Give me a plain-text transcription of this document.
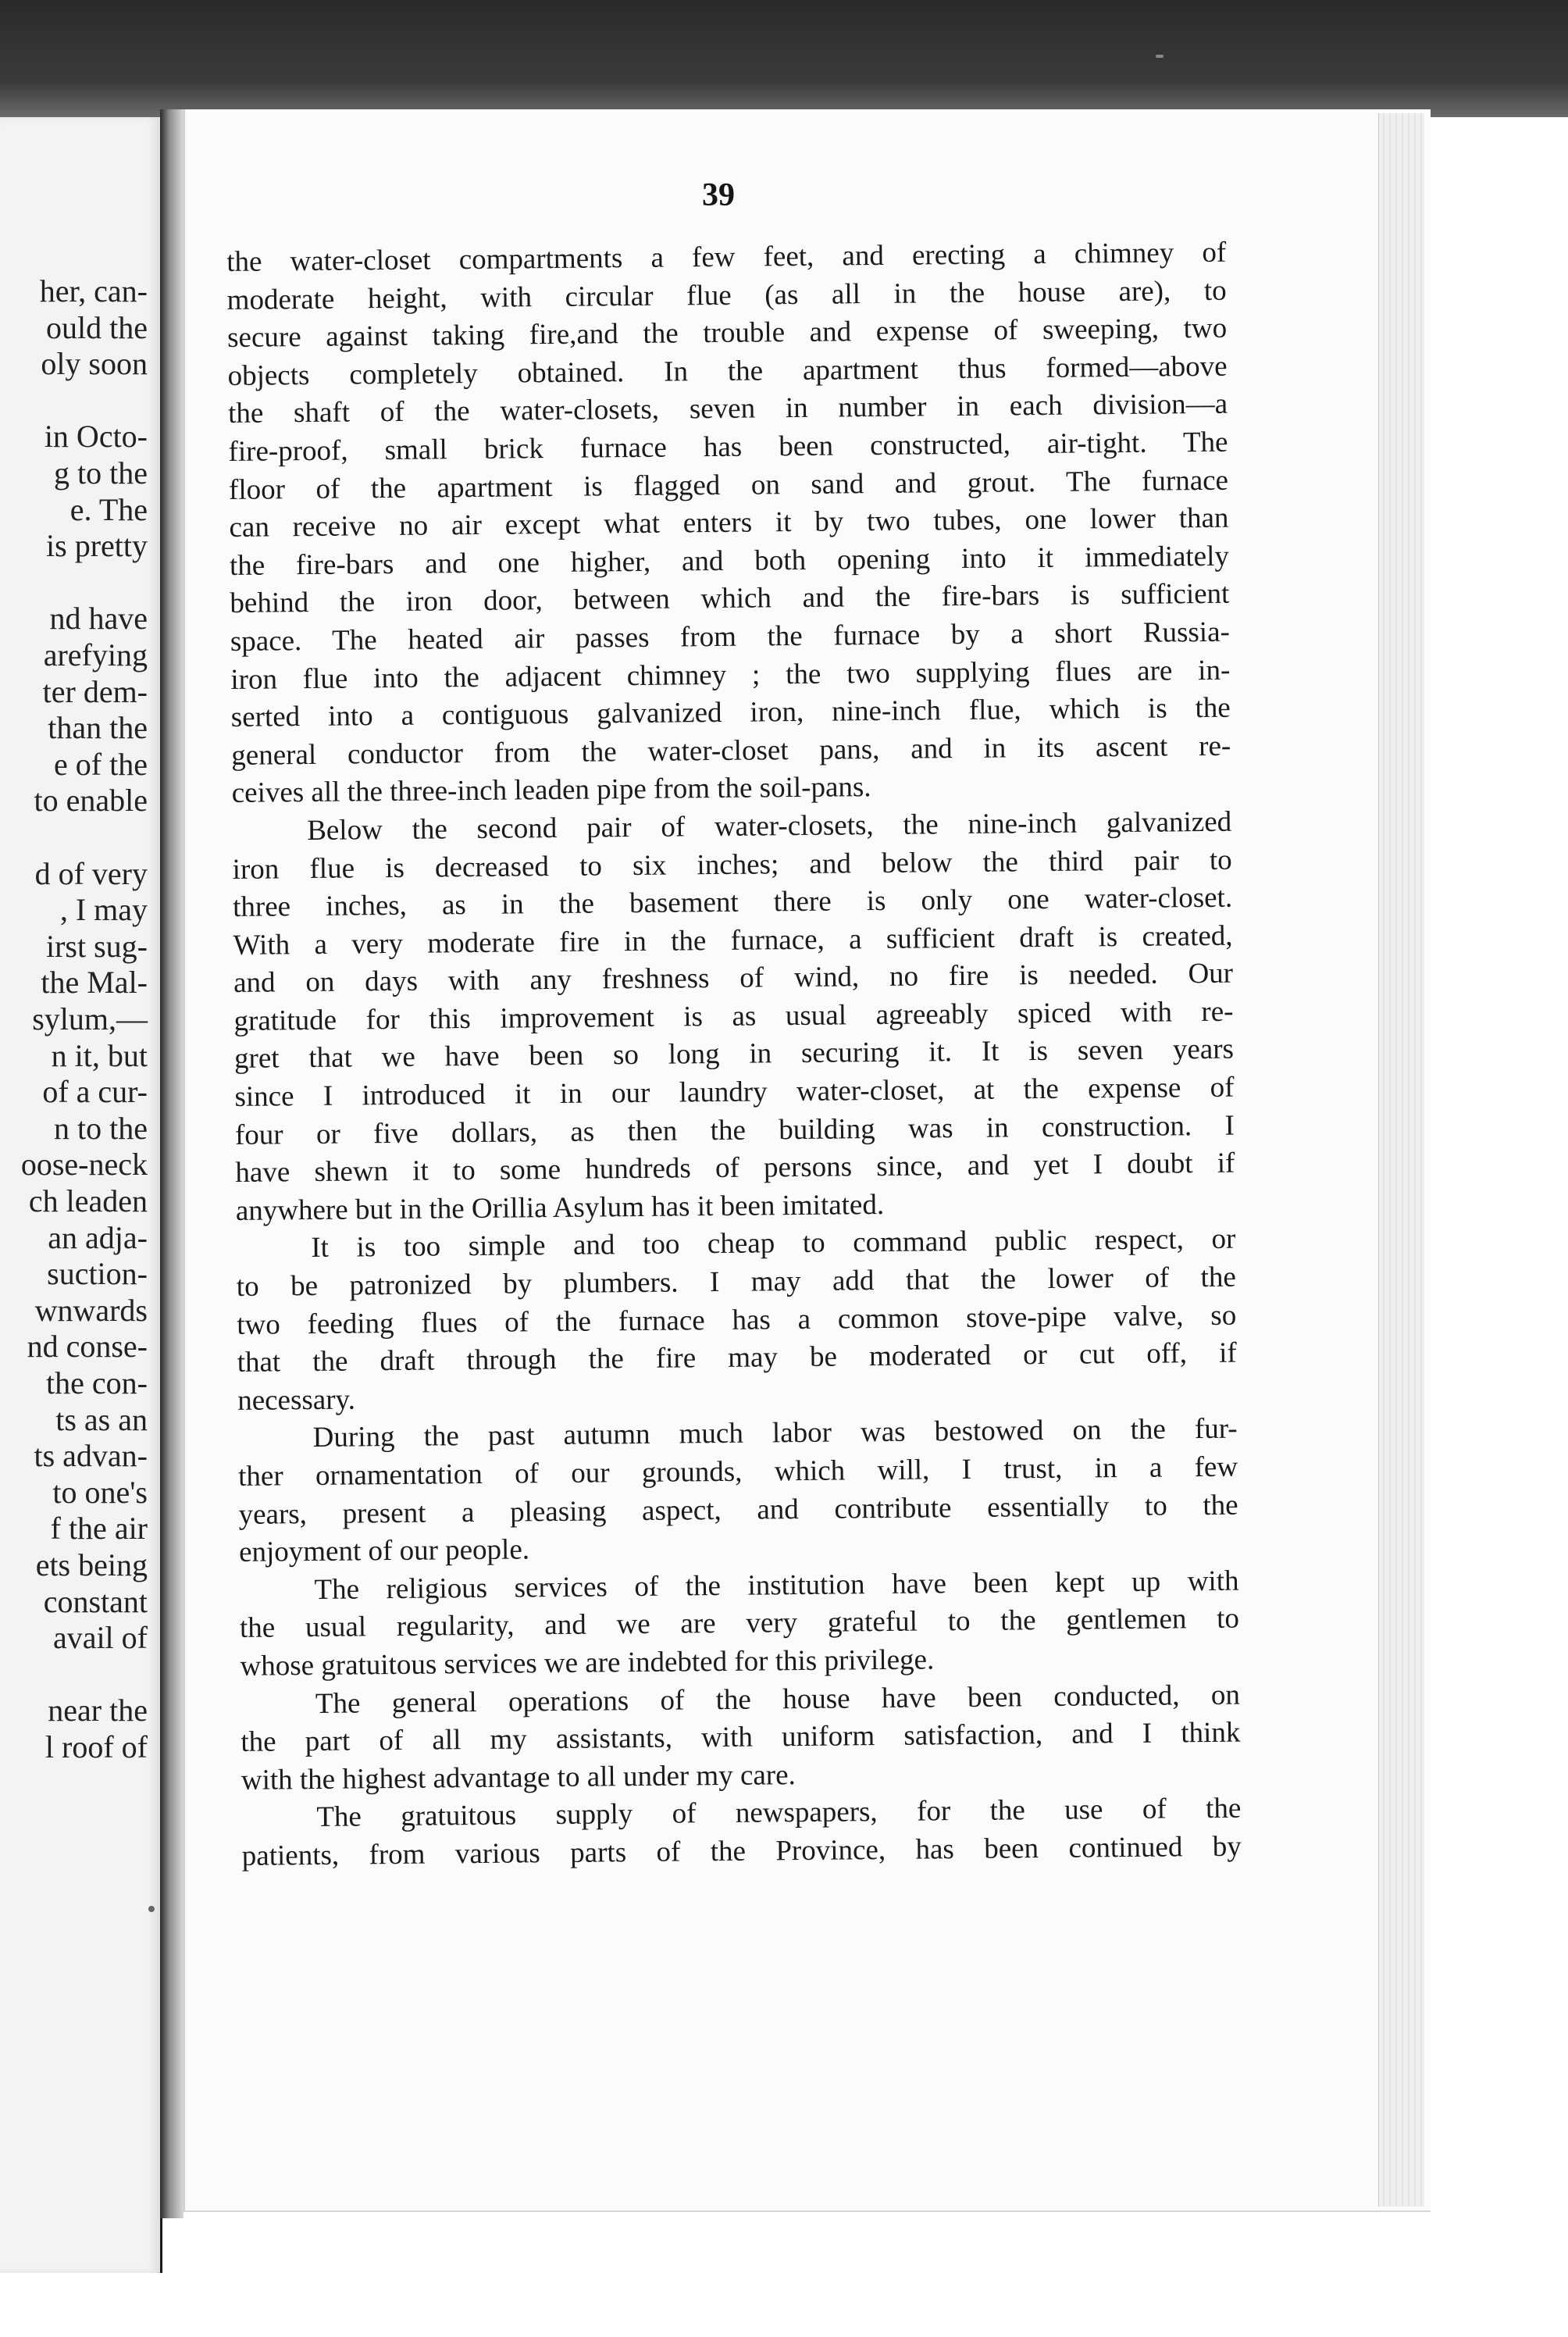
her, can-
ould the
oly soon
in Octo-
g to the
e. The
is pretty
nd have
arefying
ter dem-
than the
e of the
to enable
d of very
, I may
irst sug-
the Mal-
sylum,—
n it, but
of a cur-
n to the
oose-neck
ch leaden
an adja-
suction-
wnwards
nd conse-
the con-
ts as an
ts advan-
to one's
f the air
ets being
constant
avail of
near the
l roof of
39
the water-closet compartments a few feet, and erecting a chimney of
moderate height, with circular flue (as all in the house are), to
secure against taking fire,and the trouble and expense of sweeping, two
objects completely obtained. In the apartment thus formed—above
the shaft of the water-closets, seven in number in each division—a
fire-proof, small brick furnace has been constructed, air-tight. The
floor of the apartment is flagged on sand and grout. The furnace
can receive no air except what enters it by two tubes, one lower than
the fire-bars and one higher, and both opening into it immediately
behind the iron door, between which and the fire-bars is sufficient
space. The heated air passes from the furnace by a short Russia-
iron flue into the adjacent chimney ; the two supplying flues are in-
serted into a contiguous galvanized iron, nine-inch flue, which is the
general conductor from the water-closet pans, and in its ascent re-
ceives all the three-inch leaden pipe from the soil-pans.
Below the second pair of water-closets, the nine-inch galvanized
iron flue is decreased to six inches; and below the third pair to
three inches, as in the basement there is only one water-closet.
With a very moderate fire in the furnace, a sufficient draft is created,
and on days with any freshness of wind, no fire is needed. Our
gratitude for this improvement is as usual agreeably spiced with re-
gret that we have been so long in securing it. It is seven years
since I introduced it in our laundry water-closet, at the expense of
four or five dollars, as then the building was in construction. I
have shewn it to some hundreds of persons since, and yet I doubt if
anywhere but in the Orillia Asylum has it been imitated.
It is too simple and too cheap to command public respect, or
to be patronized by plumbers. I may add that the lower of the
two feeding flues of the furnace has a common stove-pipe valve, so
that the draft through the fire may be moderated or cut off, if
necessary.
During the past autumn much labor was bestowed on the fur-
ther ornamentation of our grounds, which will, I trust, in a few
years, present a pleasing aspect, and contribute essentially to the
enjoyment of our people.
The religious services of the institution have been kept up with
the usual regularity, and we are very grateful to the gentlemen to
whose gratuitous services we are indebted for this privilege.
The general operations of the house have been conducted, on
the part of all my assistants, with uniform satisfaction, and I think
with the highest advantage to all under my care.
The gratuitous supply of newspapers, for the use of the
patients, from various parts of the Province, has been continued by
